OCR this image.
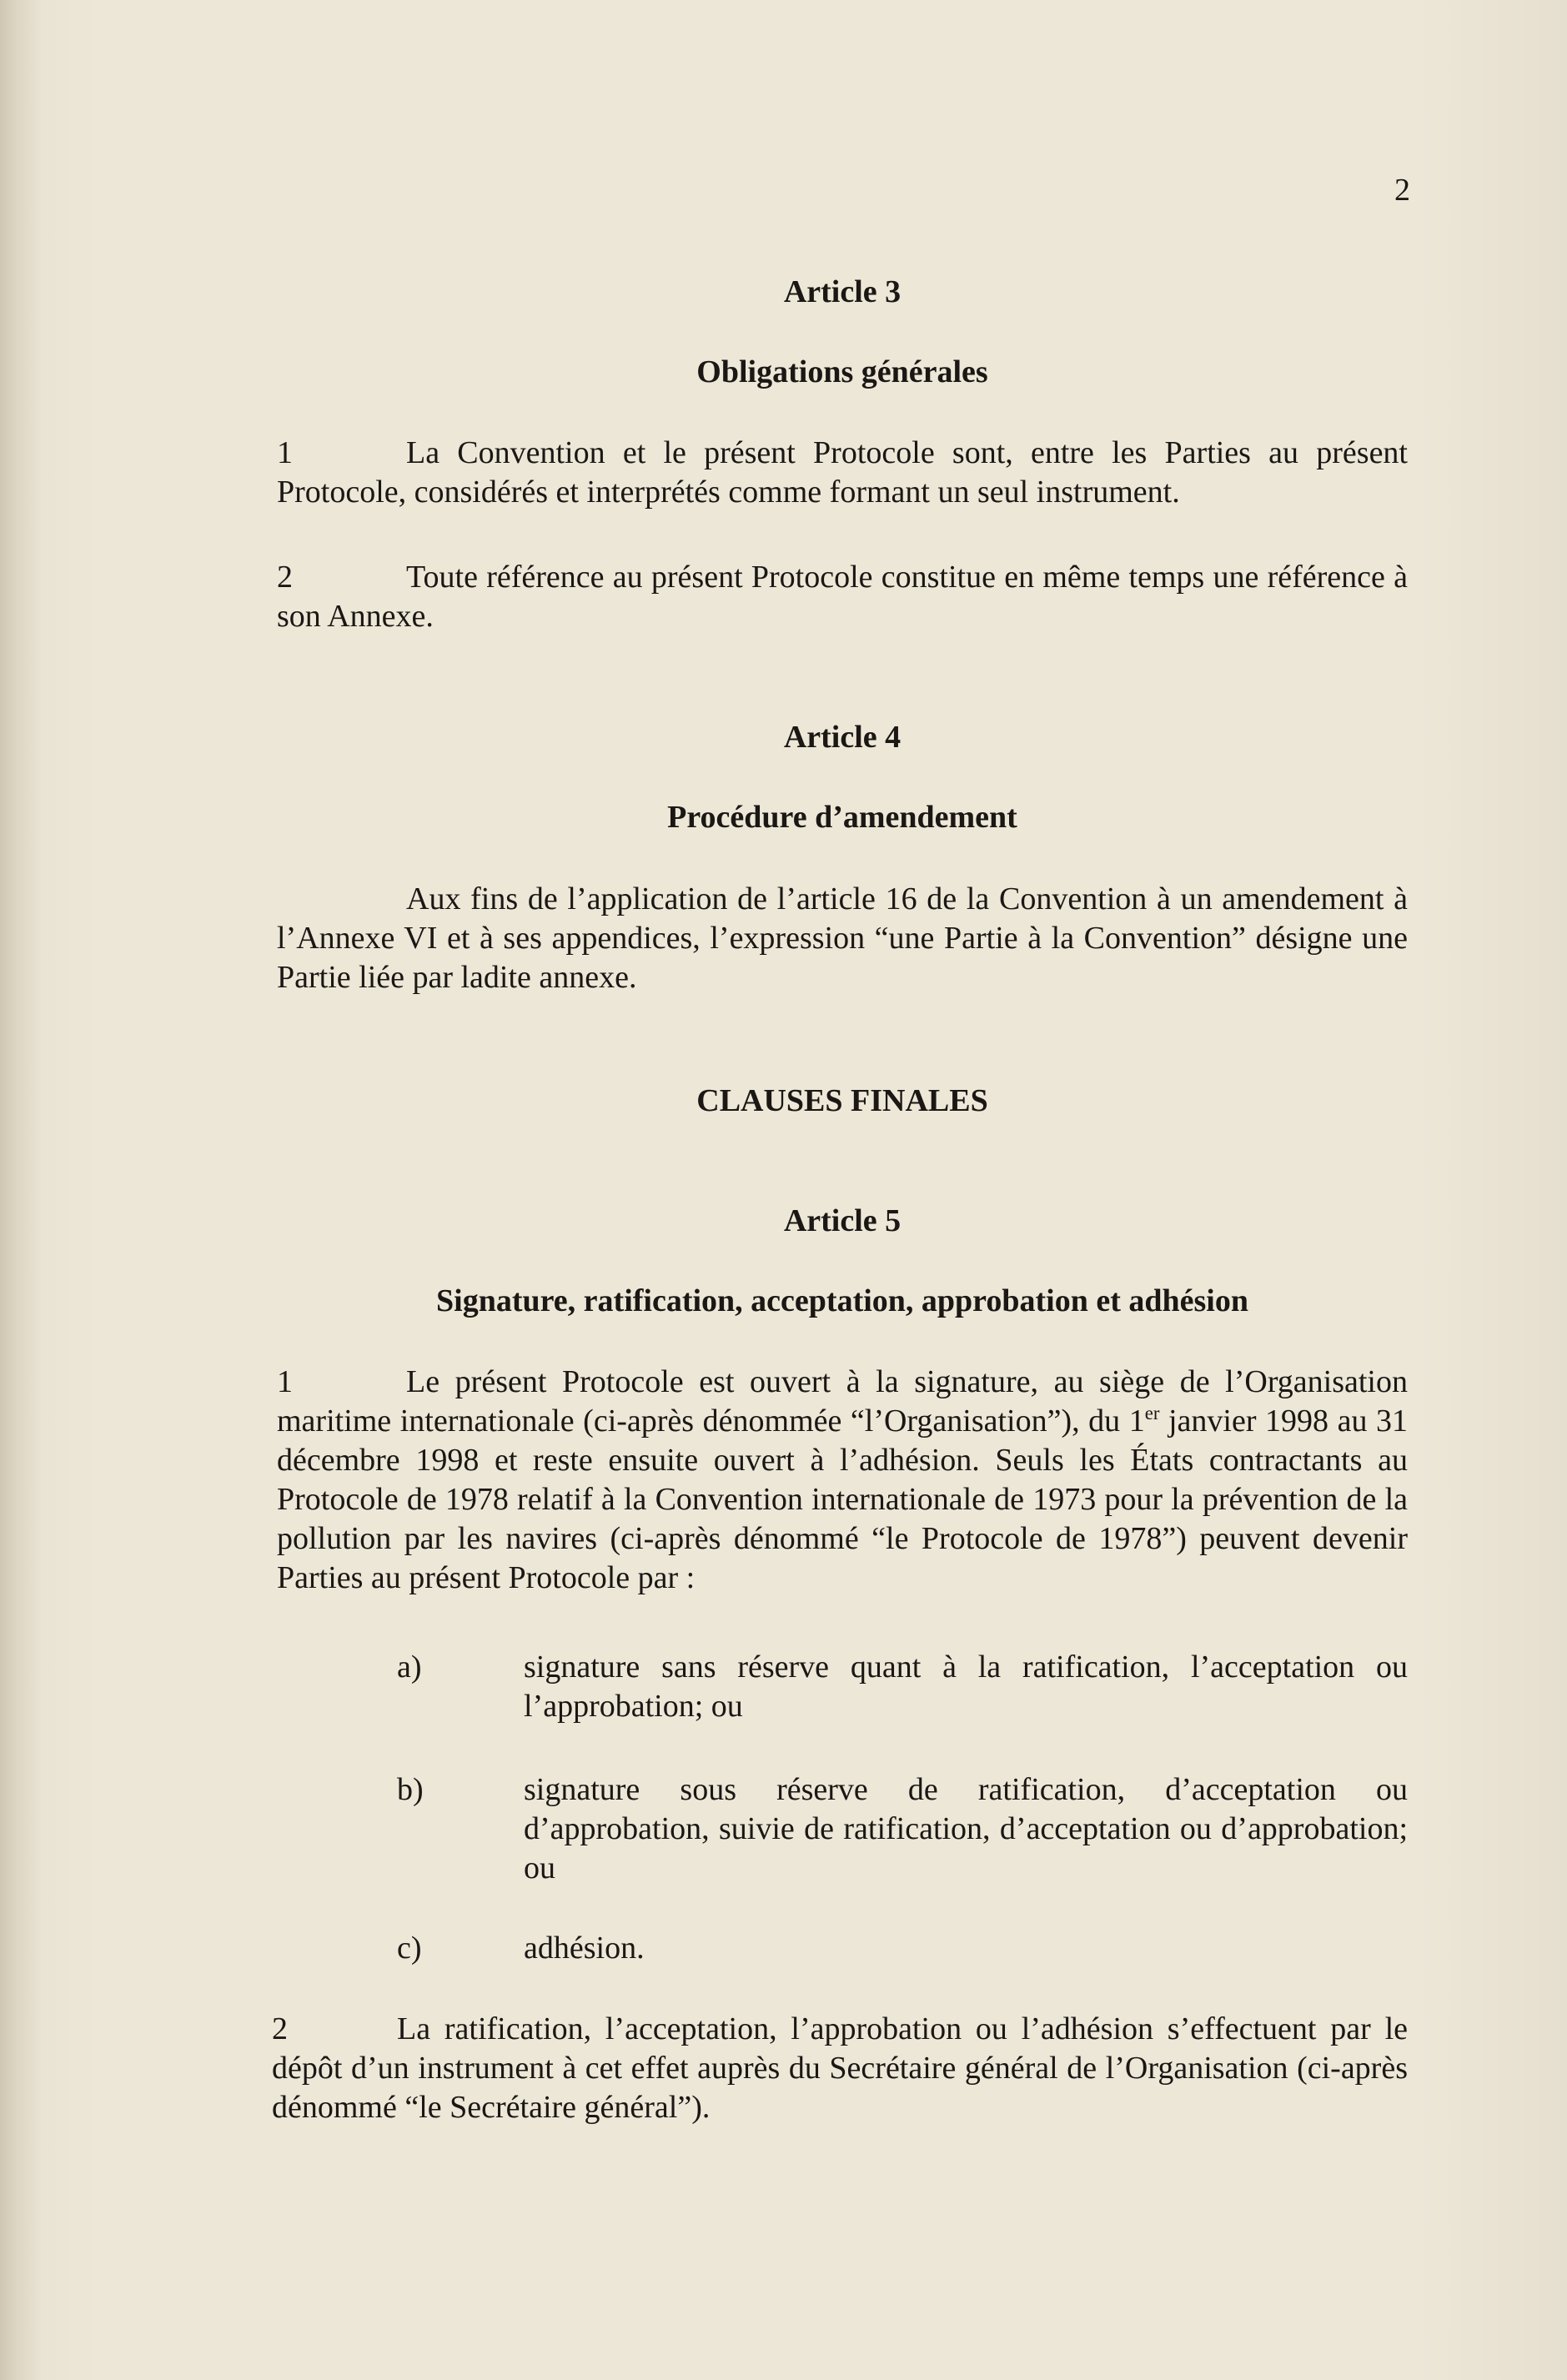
2
Article 3
Obligations générales
1	La Convention et le présent Protocole sont, entre les Parties au présent Protocole, considérés et interprétés comme formant un seul instrument.
2	Toute référence au présent Protocole constitue en même temps une référence à son Annexe.
Article 4
Procédure d’amendement
Aux fins de l’application de l’article 16 de la Convention à un amendement à l’Annexe VI et à ses appendices, l’expression “une Partie à la Convention” désigne une Partie liée par ladite annexe.
CLAUSES FINALES
Article 5
Signature, ratification, acceptation, approbation et adhésion
1	Le présent Protocole est ouvert à la signature, au siège de l’Organisation maritime internationale (ci-après dénommée “l’Organisation”), du 1er janvier 1998 au 31 décembre 1998 et reste ensuite ouvert à l’adhésion. Seuls les États contractants au Protocole de 1978 relatif à la Convention internationale de 1973 pour la prévention de la pollution par les navires (ci-après dénommé “le Protocole de 1978”) peuvent devenir Parties au présent Protocole par :
a)	signature sans réserve quant à la ratification, l’acceptation ou l’approbation; ou
b)	signature sous réserve de ratification, d’acceptation ou d’approbation, suivie de ratification, d’acceptation ou d’approbation; ou
c)	adhésion.
2	La ratification, l’acceptation, l’approbation ou l’adhésion s’effectuent par le dépôt d’un instrument à cet effet auprès du Secrétaire général de l’Organisation (ci-après dénommé “le Secrétaire général”).
